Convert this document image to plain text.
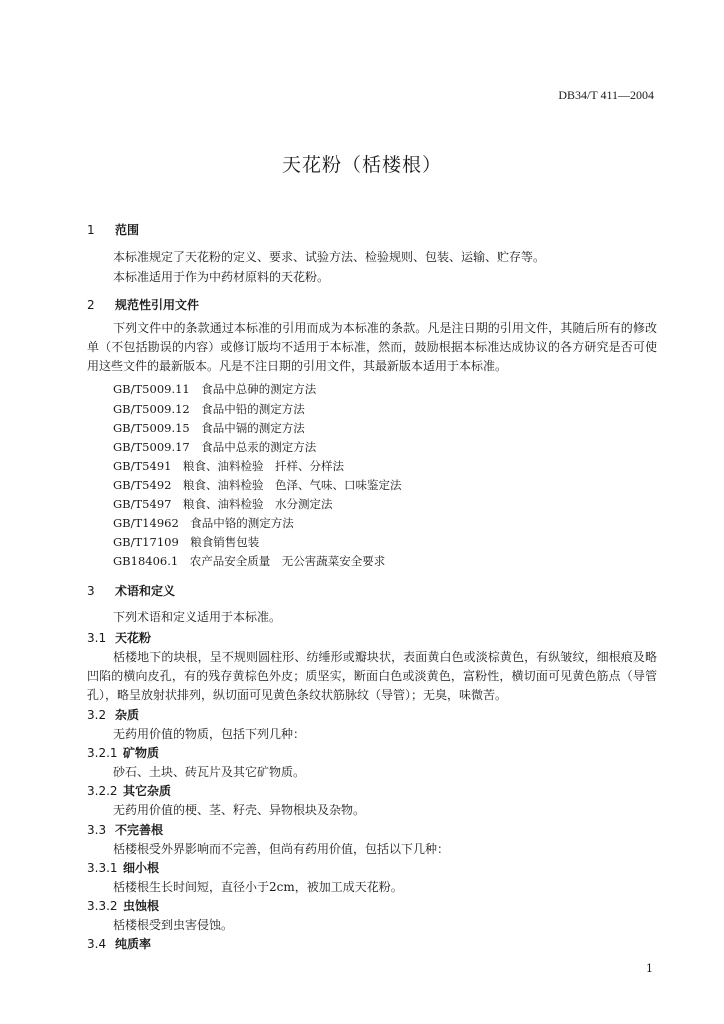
DB34/T 411—2004
天花粉（栝楼根）
1 范围
本标准规定了天花粉的定义、要求、试验方法、检验规则、包装、运输、贮存等。
本标准适用于作为中药材原料的天花粉。
2 规范性引用文件
下列文件中的条款通过本标准的引用而成为本标准的条款。凡是注日期的引用文件，其随后所有的修改单（不包括勘误的内容）或修订版均不适用于本标准，然而，鼓励根据本标准达成协议的各方研究是否可使用这些文件的最新版本。凡是不注日期的引用文件，其最新版本适用于本标准。
GB/T5009.11　食品中总砷的测定方法
GB/T5009.12　食品中铅的测定方法
GB/T5009.15　食品中镉的测定方法
GB/T5009.17　食品中总汞的测定方法
GB/T5491　粮食、油料检验　扦样、分样法
GB/T5492　粮食、油料检验　色泽、气味、口味鉴定法
GB/T5497　粮食、油料检验　水分测定法
GB/T14962　食品中铬的测定方法
GB/T17109　粮食销售包装
GB18406.1　农产品安全质量　无公害蔬菜安全要求
3 术语和定义
下列术语和定义适用于本标准。
3.1 天花粉
栝楼地下的块根，呈不规则圆柱形、纺缍形或瓣块状，表面黄白色或淡棕黄色，有纵皱纹，细根痕及略凹陷的横向皮孔，有的残存黄棕色外皮；质坚实，断面白色或淡黄色，富粉性，横切面可见黄色筋点（导管孔），略呈放射状排列，纵切面可见黄色条纹状筋脉纹（导管）；无臭，味微苦。
3.2 杂质
无药用价值的物质，包括下列几种：
3.2.1 矿物质
砂石、土块、砖瓦片及其它矿物质。
3.2.2 其它杂质
无药用价值的梗、茎、籽壳、异物根块及杂物。
3.3 不完善根
栝楼根受外界影响而不完善，但尚有药用价值，包括以下几种：
3.3.1 细小根
栝楼根生长时间短，直径小于2cm，被加工成天花粉。
3.3.2 虫蚀根
栝楼根受到虫害侵蚀。
3.4 纯质率
1
